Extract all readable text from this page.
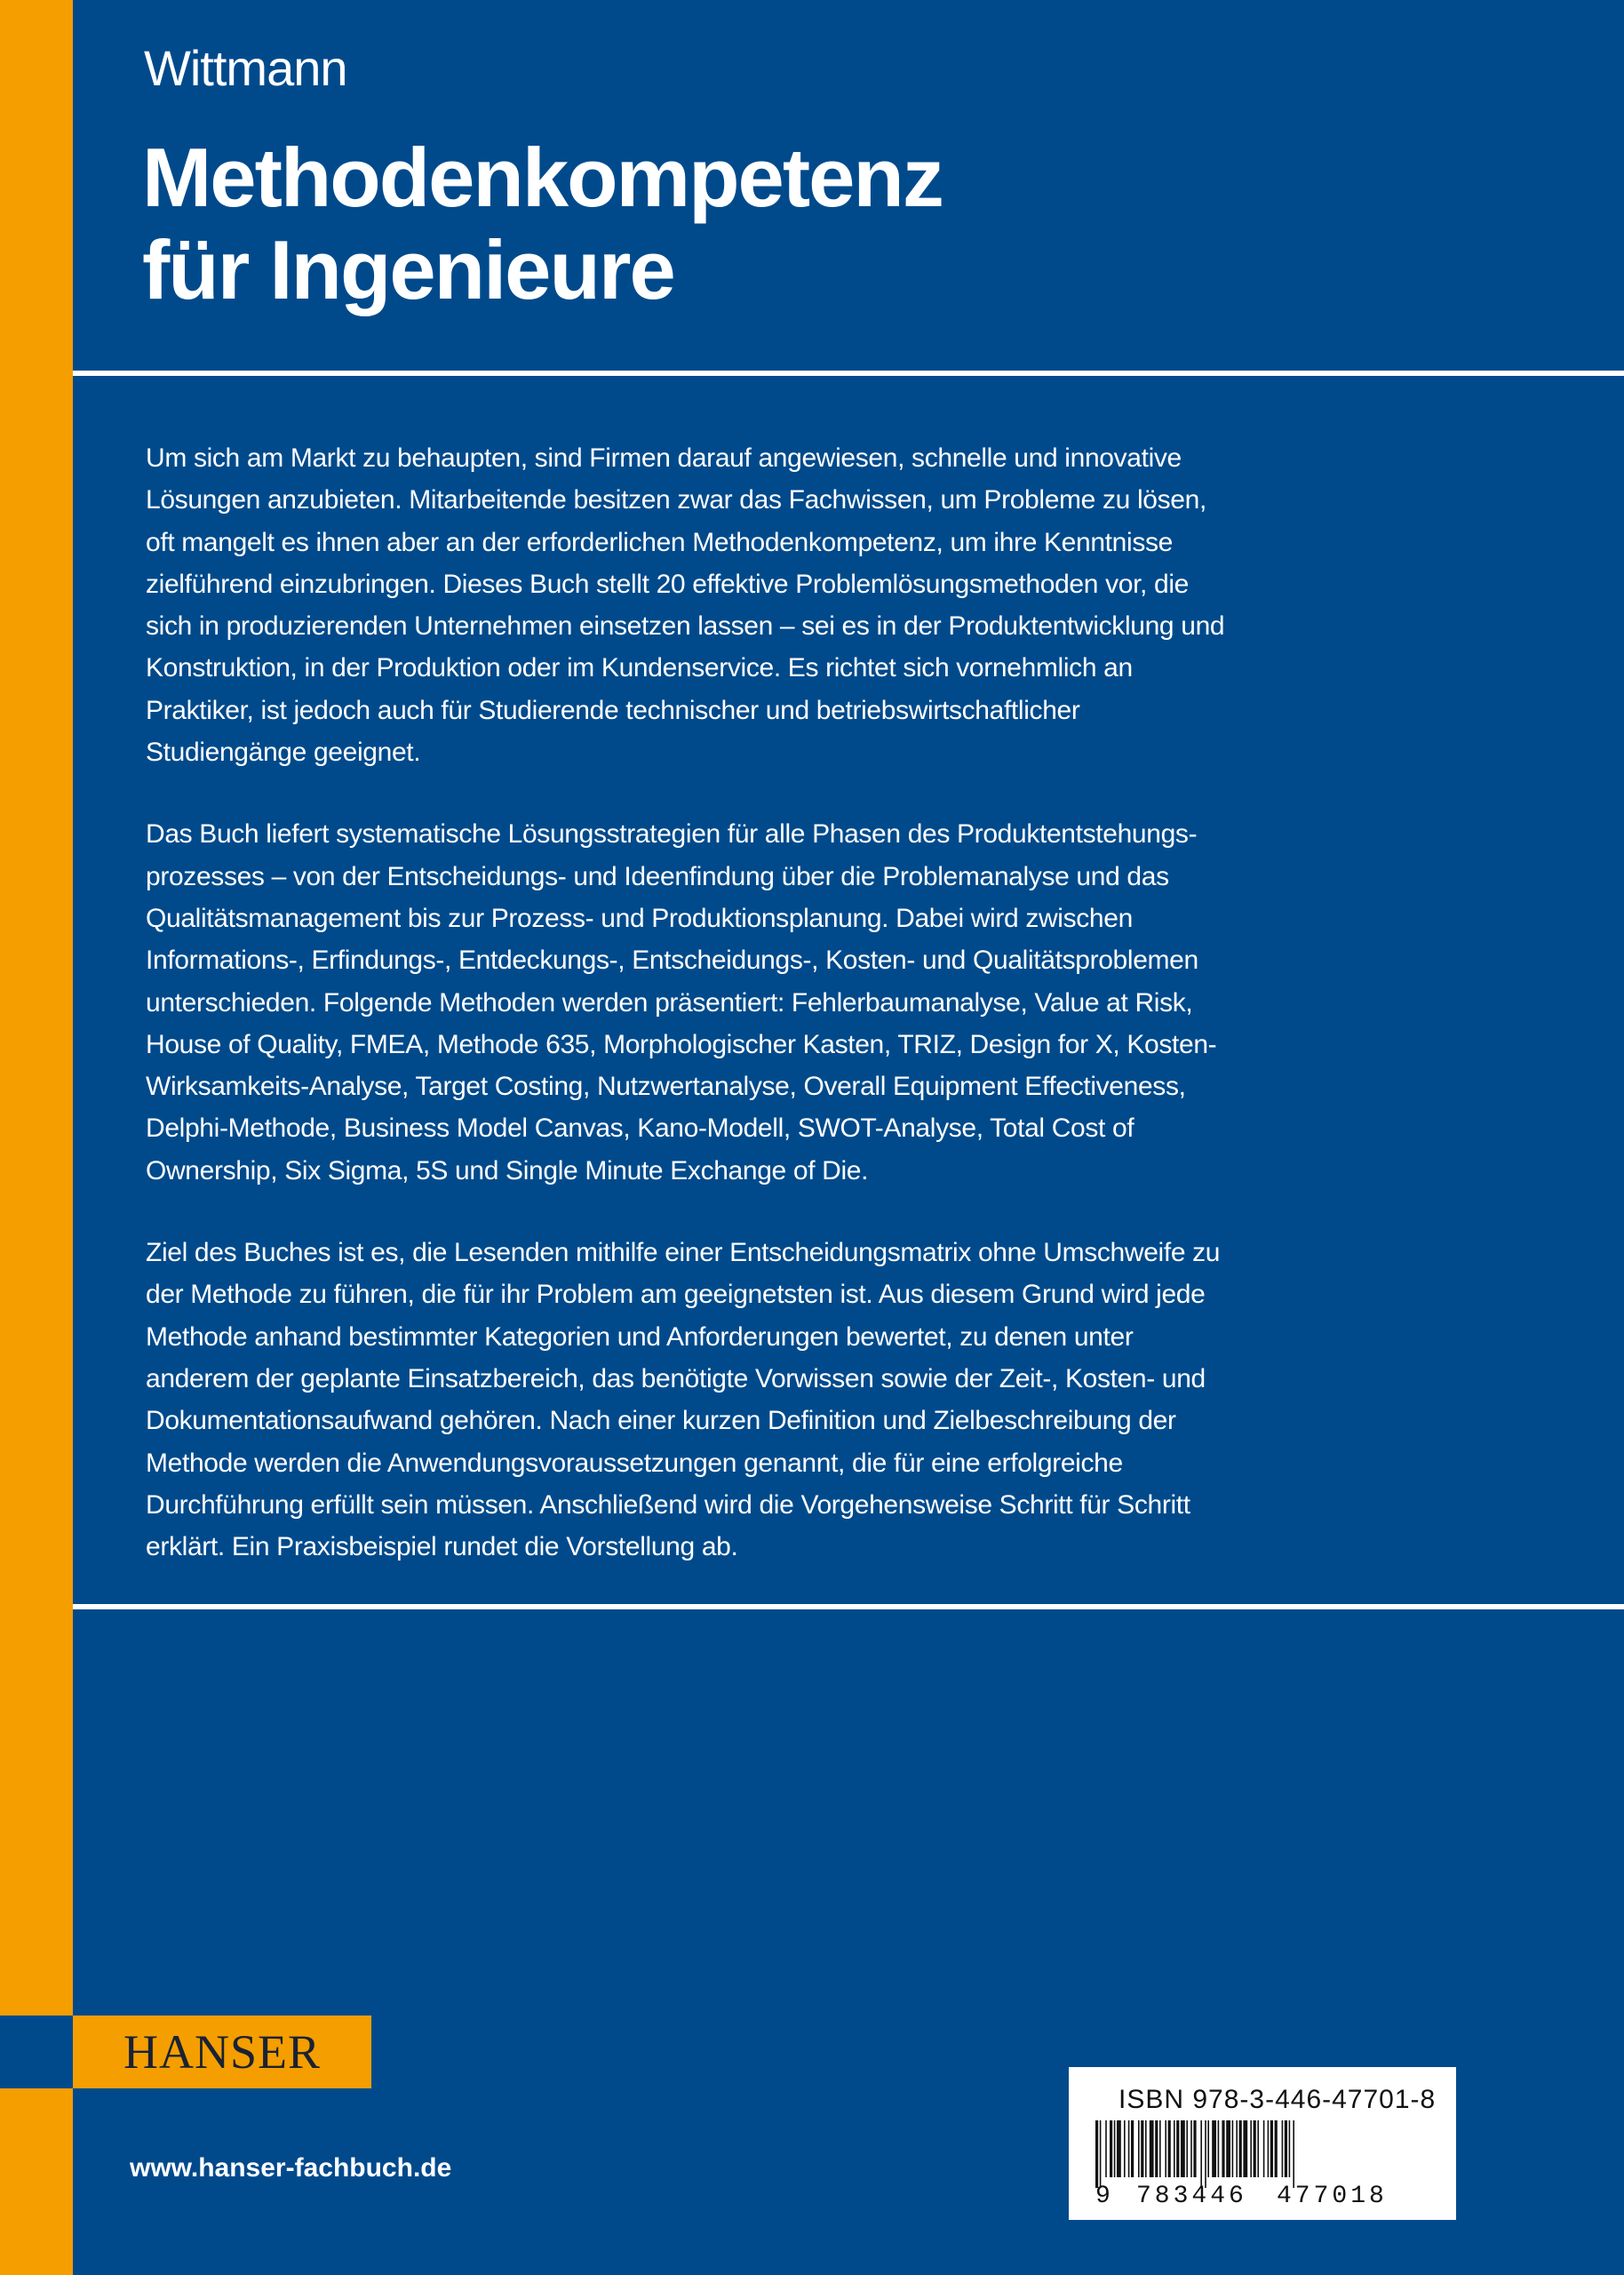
Wittmann
Methodenkompetenz
für Ingenieure

Um sich am Markt zu behaupten, sind Firmen darauf angewiesen, schnelle und innovative Lösungen anzubieten. Mitarbeitende besitzen zwar das Fachwissen, um Probleme zu lösen, oft mangelt es ihnen aber an der erforderlichen Methodenkompetenz, um ihre Kenntnisse zielführend einzubringen. Dieses Buch stellt 20 effektive Problemlösungsmethoden vor, die sich in produzierenden Unternehmen einsetzen lassen – sei es in der Produktentwicklung und Konstruktion, in der Produktion oder im Kundenservice. Es richtet sich vornehmlich an Praktiker, ist jedoch auch für Studierende technischer und betriebswirtschaftlicher Studiengänge geeignet.

Das Buch liefert systematische Lösungsstrategien für alle Phasen des Produktentstehungs- prozesses – von der Entscheidungs- und Ideenfindung über die Problemanalyse und das Qualitätsmanagement bis zur Prozess- und Produktionsplanung. Dabei wird zwischen Informations-, Erfindungs-, Entdeckungs-, Entscheidungs-, Kosten- und Qualitätsproblemen unterschieden. Folgende Methoden werden präsentiert: Fehlerbaumanalyse, Value at Risk, House of Quality, FMEA, Methode 635, Morphologischer Kasten, TRIZ, Design for X, Kosten-Wirksamkeits-Analyse, Target Costing, Nutzwertanalyse, Overall Equipment Effectiveness, Delphi-Methode, Business Model Canvas, Kano-Modell, SWOT-Analyse, Total Cost of Ownership, Six Sigma, 5S und Single Minute Exchange of Die.

Ziel des Buches ist es, die Lesenden mithilfe einer Entscheidungsmatrix ohne Umschweife zu der Methode zu führen, die für ihr Problem am geeignetsten ist. Aus diesem Grund wird jede Methode anhand bestimmter Kategorien und Anforderungen bewertet, zu denen unter anderem der geplante Einsatzbereich, das benötigte Vorwissen sowie der Zeit-, Kosten- und Dokumentationsaufwand gehören. Nach einer kurzen Definition und Zielbeschreibung der Methode werden die Anwendungsvoraussetzungen genannt, die für eine erfolgreiche Durchführung erfüllt sein müssen. Anschließend wird die Vorgehensweise Schritt für Schritt erklärt. Ein Praxisbeispiel rundet die Vorstellung ab.

HANSER
www.hanser-fachbuch.de
ISBN 978-3-446-47701-8
9 783446 477018
